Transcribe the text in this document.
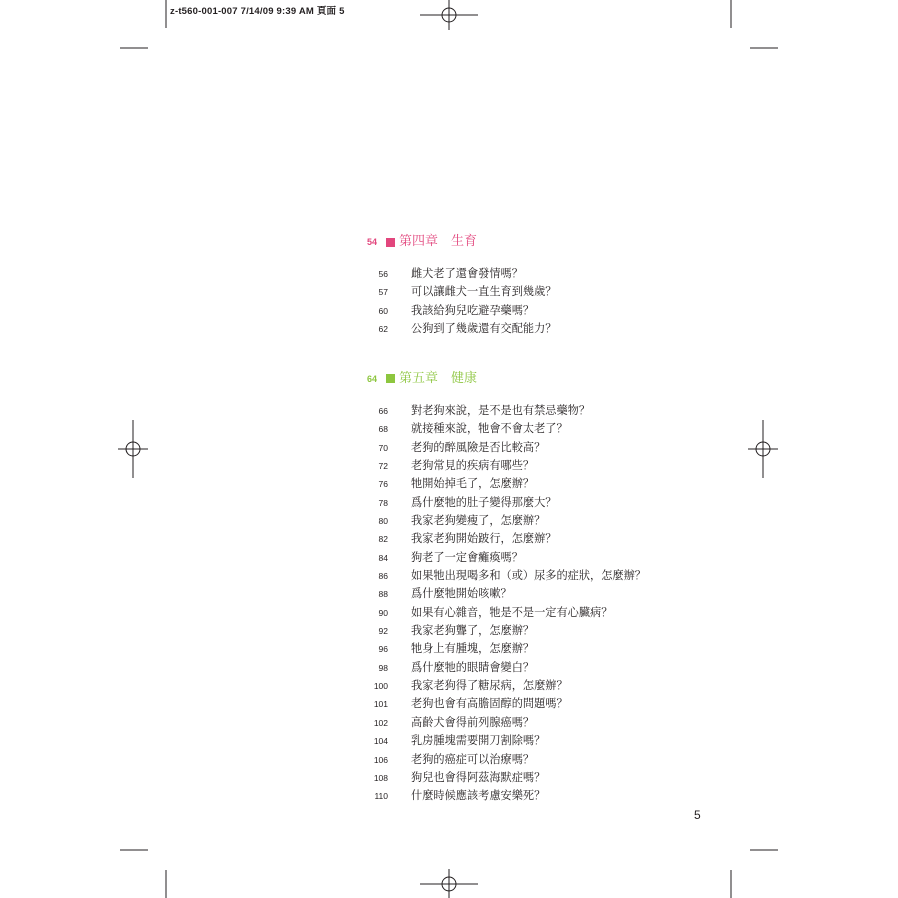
z-t560-001-007 7/14/09 9:39 AM 頁面 5
54	第四章　生育
56 雌犬老了還會發情嗎？
57 可以讓雌犬一直生育到幾歲？
60 我該給狗兒吃避孕藥嗎？
62 公狗到了幾歲還有交配能力？
64	第五章　健康
66 對老狗來說，是不是也有禁忌藥物？
68 就接種來說，牠會不會太老了？
70 老狗的醉風險是否比較高？
72 老狗常見的疾病有哪些？
76 牠開始掉毛了，怎麼辦？
78 爲什麼牠的肚子變得那麼大？
80 我家老狗變瘦了，怎麼辦？
82 我家老狗開始跛行，怎麼辦？
84 狗老了一定會癱瘓嗎？
86 如果牠出現喝多和（或）尿多的症狀，怎麼辦？
88 爲什麼牠開始咳嗽？
90 如果有心雜音，牠是不是一定有心臟病？
92 我家老狗聾了，怎麼辦？
96 牠身上有腫塊，怎麼辦？
98 爲什麼牠的眼睛會變白？
100 我家老狗得了糖尿病，怎麼辦？
101 老狗也會有高膽固醇的問題嗎？
102 高齡犬會得前列腺癌嗎？
104 乳房腫塊需要開刀割除嗎？
106 老狗的癌症可以治療嗎？
108 狗兒也會得阿茲海默症嗎？
110 什麼時候應該考慮安樂死？
5
